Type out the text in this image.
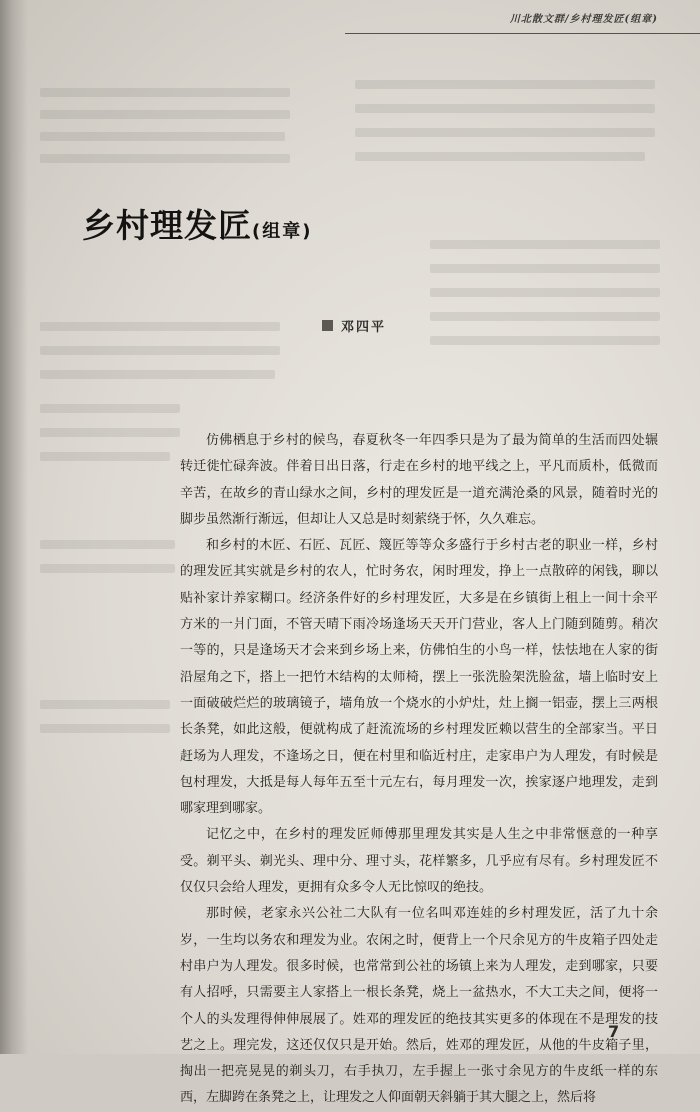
川北散文群/乡村理发匠(组章)
乡村理发匠(组章)
邓四平

仿佛栖息于乡村的候鸟，春夏秋冬一年四季只是为了最为简单的生活而四处辗转迁徙忙碌奔波。伴着日出日落，行走在乡村的地平线之上，平凡而质朴，低微而辛苦，在故乡的青山绿水之间，乡村的理发匠是一道充满沧桑的风景，随着时光的脚步虽然渐行渐远，但却让人又总是时刻萦绕于怀，久久难忘。

和乡村的木匠、石匠、瓦匠、篾匠等等众多盛行于乡村古老的职业一样，乡村的理发匠其实就是乡村的农人，忙时务农，闲时理发，挣上一点散碎的闲钱，聊以贴补家计养家糊口。经济条件好的乡村理发匠，大多是在乡镇街上租上一间十余平方米的一爿门面，不管天晴下雨冷场逢场天天开门营业，客人上门随到随剪。稍次一等的，只是逢场天才会来到乡场上来，仿佛怕生的小鸟一样，怯怯地在人家的街沿屋角之下，搭上一把竹木结构的太师椅，摆上一张洗脸架洗脸盆，墙上临时安上一面破破烂烂的玻璃镜子，墙角放一个烧水的小炉灶，灶上搁一铝壶，摆上三两根长条凳，如此这般，便就构成了赶流流场的乡村理发匠赖以营生的全部家当。平日赶场为人理发，不逢场之日，便在村里和临近村庄，走家串户为人理发，有时候是包村理发，大抵是每人每年五至十元左右，每月理发一次，挨家逐户地理发，走到哪家理到哪家。

记忆之中，在乡村的理发匠师傅那里理发其实是人生之中非常惬意的一种享受。剃平头、剃光头、理中分、理寸头，花样繁多，几乎应有尽有。乡村理发匠不仅仅只会给人理发，更拥有众多令人无比惊叹的绝技。

那时候，老家永兴公社二大队有一位名叫邓连娃的乡村理发匠，活了九十余岁，一生均以务农和理发为业。农闲之时，便背上一个尺余见方的牛皮箱子四处走村串户为人理发。很多时候，也常常到公社的场镇上来为人理发，走到哪家，只要有人招呼，只需要主人家搭上一根长条凳，烧上一盆热水，不大工夫之间，便将一个人的头发理得伸伸展展了。姓邓的理发匠的绝技其实更多的体现在不是理发的技艺之上。理完发，这还仅仅只是开始。然后，姓邓的理发匠，从他的牛皮箱子里，掏出一把亮晃晃的剃头刀，右手执刀，左手握上一张寸余见方的牛皮纸一样的东西，左脚跨在条凳之上，让理发之人仰面朝天斜躺于其大腿之上，然后将

7
